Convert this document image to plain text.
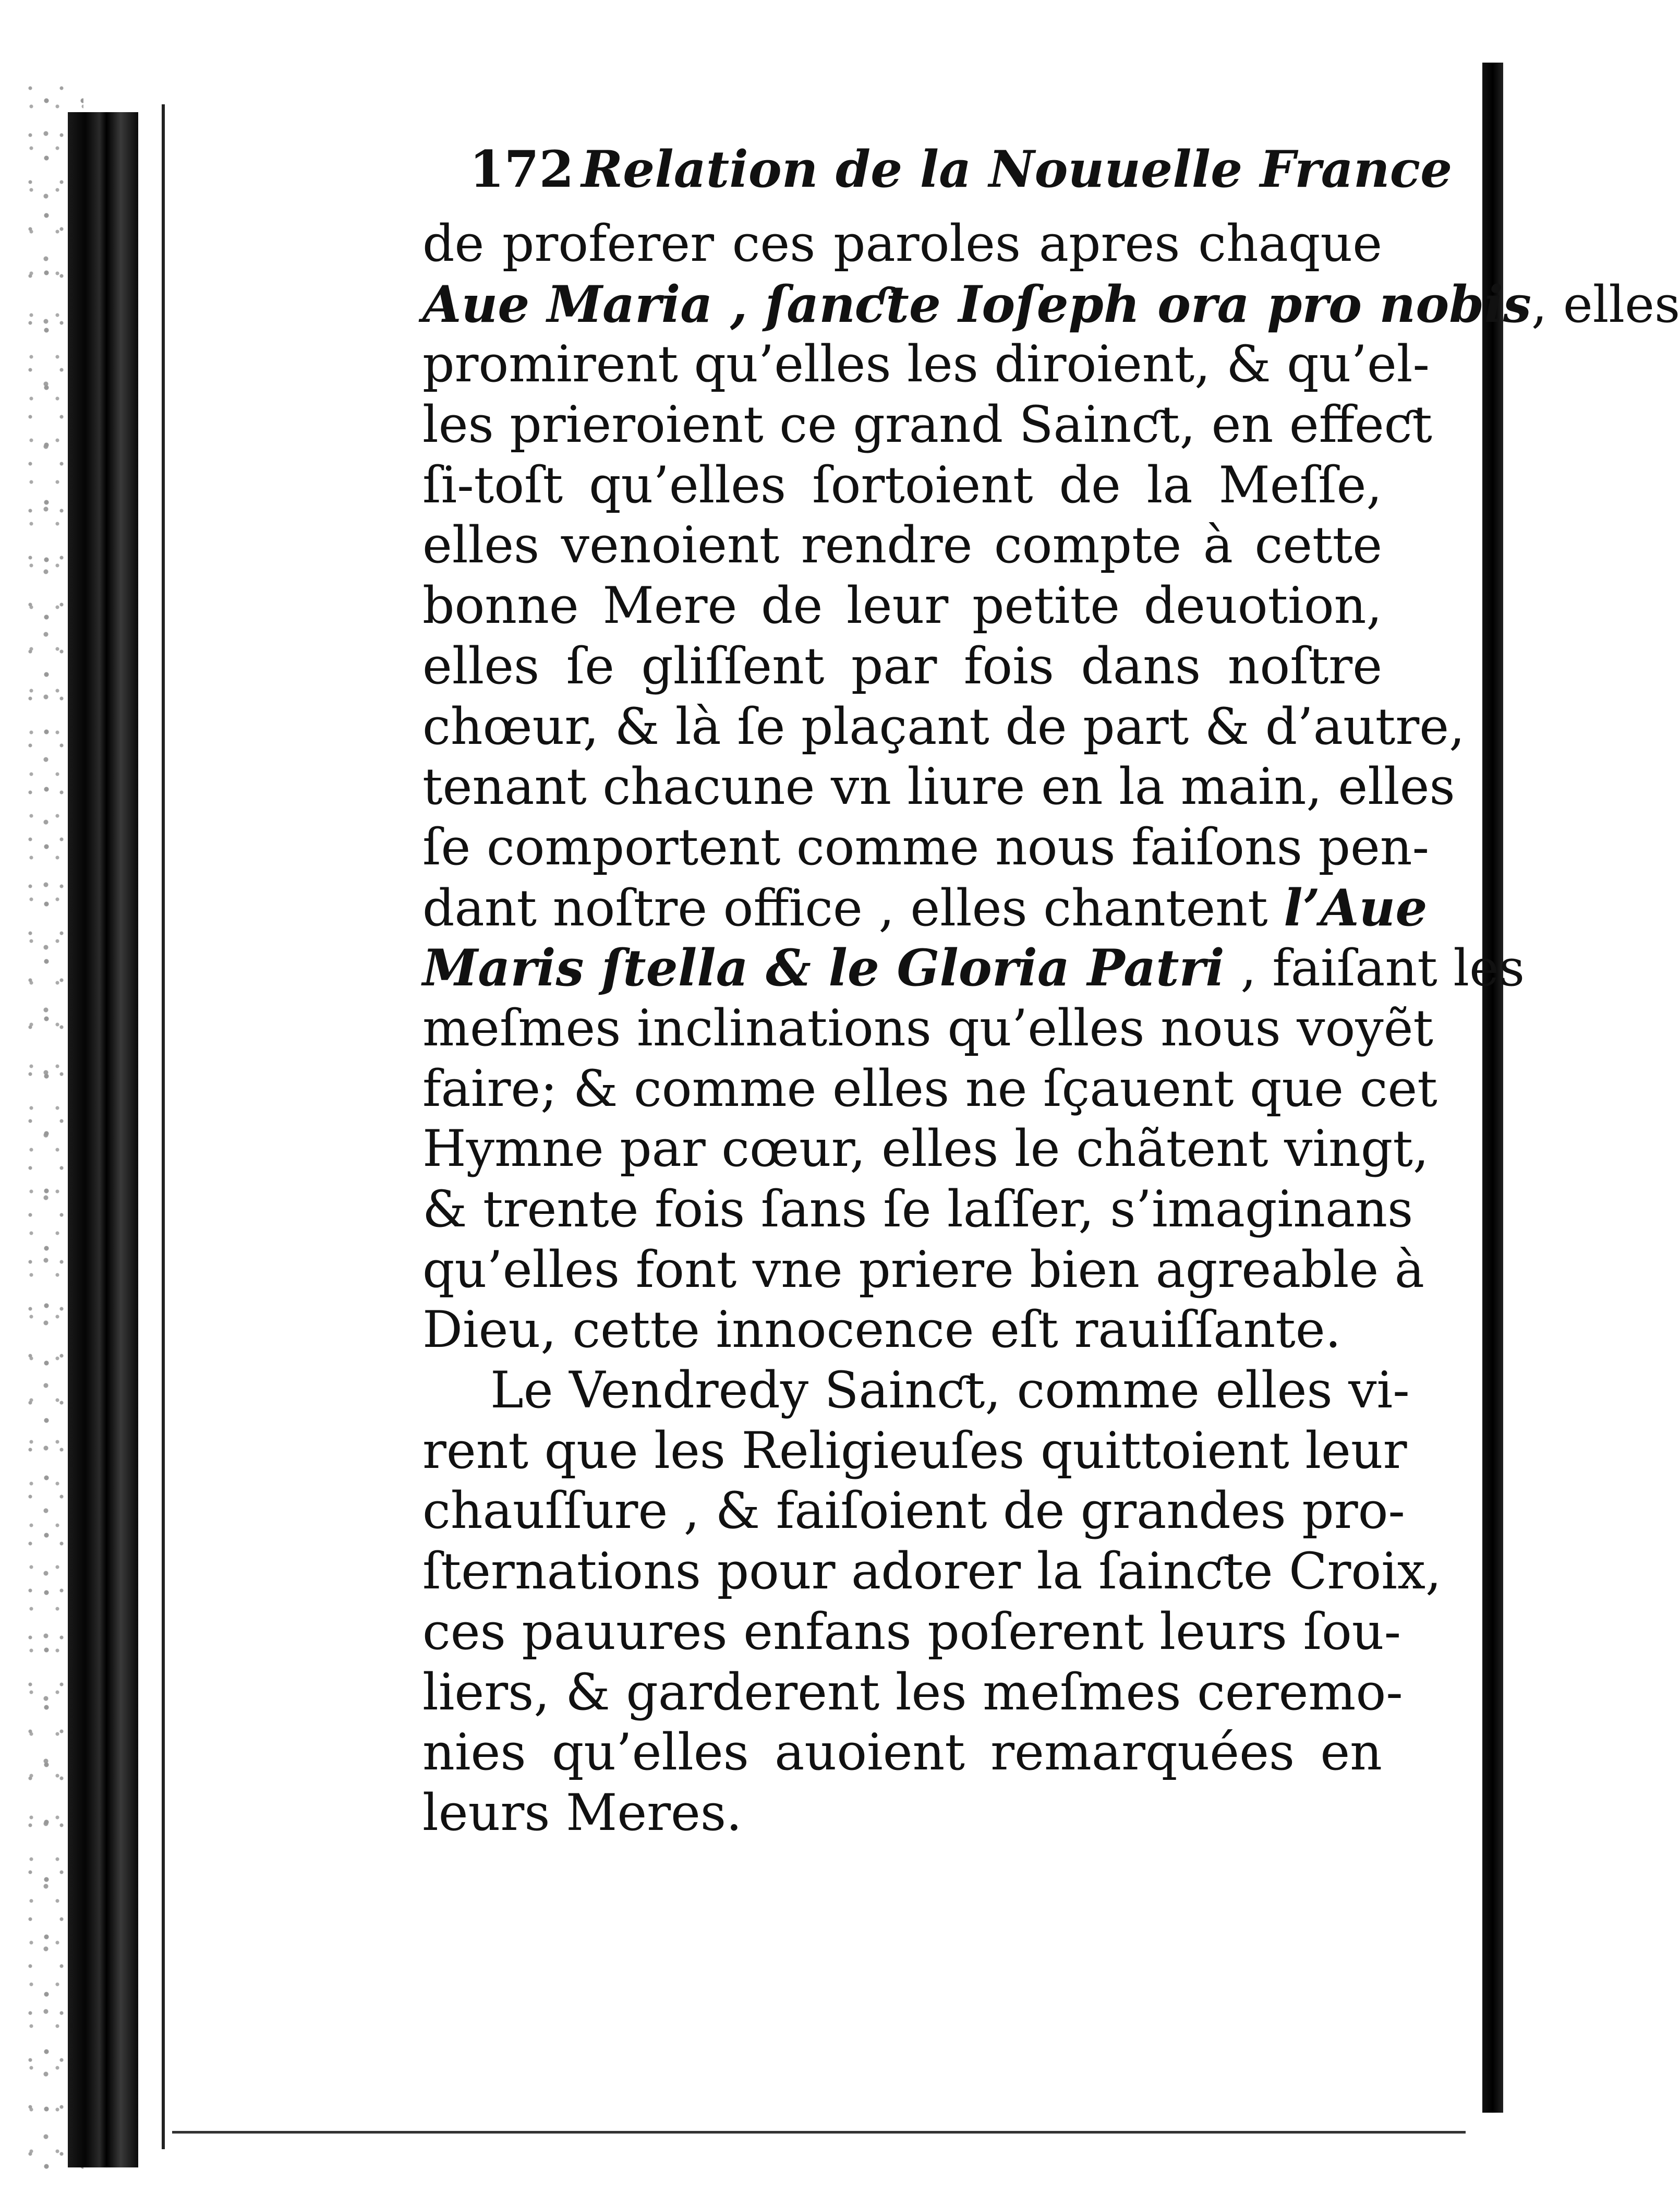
172 Relation de la Nouuelle France
de proferer ces paroles apres chaque
Aue Maria , ſanƈte Ioſeph ora pro nobis, elles
promirent qu’elles les diroient, & qu’el-
les prieroient ce grand Sainƈt, en effeƈt
ſi-toſt qu’elles ſortoient de la Meſſe,
elles venoient rendre compte à cette
bonne Mere de leur petite deuotion,
elles ſe gliſſent par fois dans noſtre
chœur, & là ſe plaçant de part & d’autre,
tenant chacune vn liure en la main, elles
ſe comportent comme nous faiſons pen-
dant noſtre office , elles chantent l’Aue
Maris ſtella & le Gloria Patri , faiſant les
meſmes inclinations qu’elles nous voyẽt
faire; & comme elles ne ſçauent que cet
Hymne par cœur, elles le chãtent vingt,
& trente fois ſans ſe laſſer, s’imaginans
qu’elles font vne priere bien agreable à
Dieu, cette innocence eſt rauiſſante.
Le Vendredy Sainƈt, comme elles vi-
rent que les Religieuſes quittoient leur
chauſſure , & faiſoient de grandes pro-
ſternations pour adorer la ſainƈte Croix,
ces pauures enfans poſerent leurs ſou-
liers, & garderent les meſmes ceremo-
nies qu’elles auoient remarquées en
leurs Meres.
